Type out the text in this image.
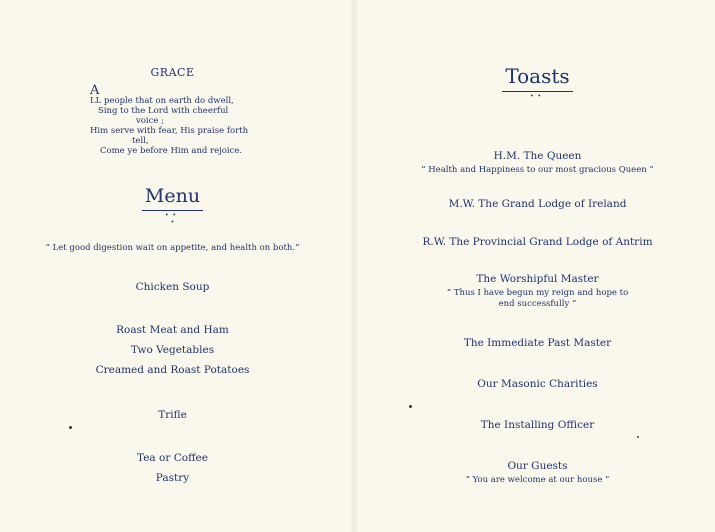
GRACE
A
LL people that on earth do dwell,
Sing to the Lord with cheerful
voice ;
Him serve with fear, His praise forth
tell,
Come ye before Him and rejoice.
Menu
••
•
“ Let good digestion wait on appetite, and health on both.”
Chicken Soup
Roast Meat and Ham
Two Vegetables
Creamed and Roast Potatoes
Trifle
Tea or Coffee
Pastry
Toasts
••
H.M. The Queen
“ Health and Happiness to our most gracious Queen ”
M.W. The Grand Lodge of Ireland
R.W. The Provincial Grand Lodge of Antrim
The Worshipful Master
“ Thus I have begun my reign and hope to
end successfully “
The Immediate Past Master
Our Masonic Charities
The Installing Officer
Our Guests
“ You are welcome at our house ”
